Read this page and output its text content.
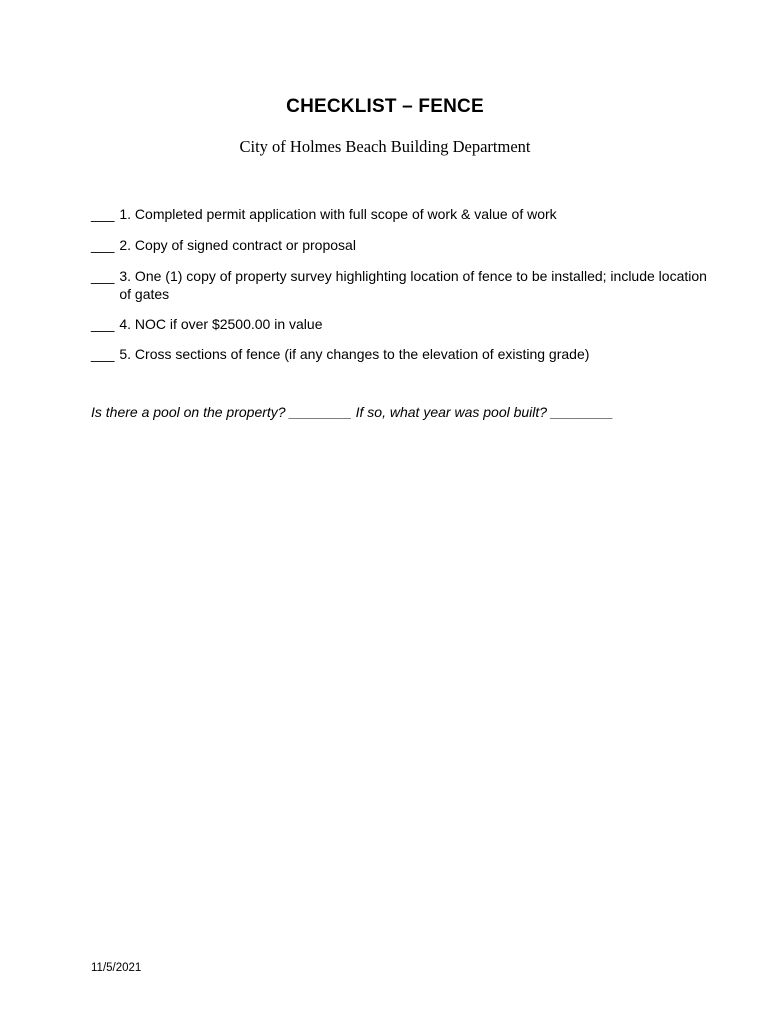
CHECKLIST – FENCE
City of Holmes Beach Building Department
___ 1. Completed permit application with full scope of work & value of work
___ 2. Copy of signed contract or proposal
___ 3. One (1) copy of property survey highlighting location of fence to be installed; include location of gates
___ 4. NOC if over $2500.00 in value
___ 5. Cross sections of fence (if any changes to the elevation of existing grade)
Is there a pool on the property? ________ If so, what year was pool built? ________
11/5/2021
